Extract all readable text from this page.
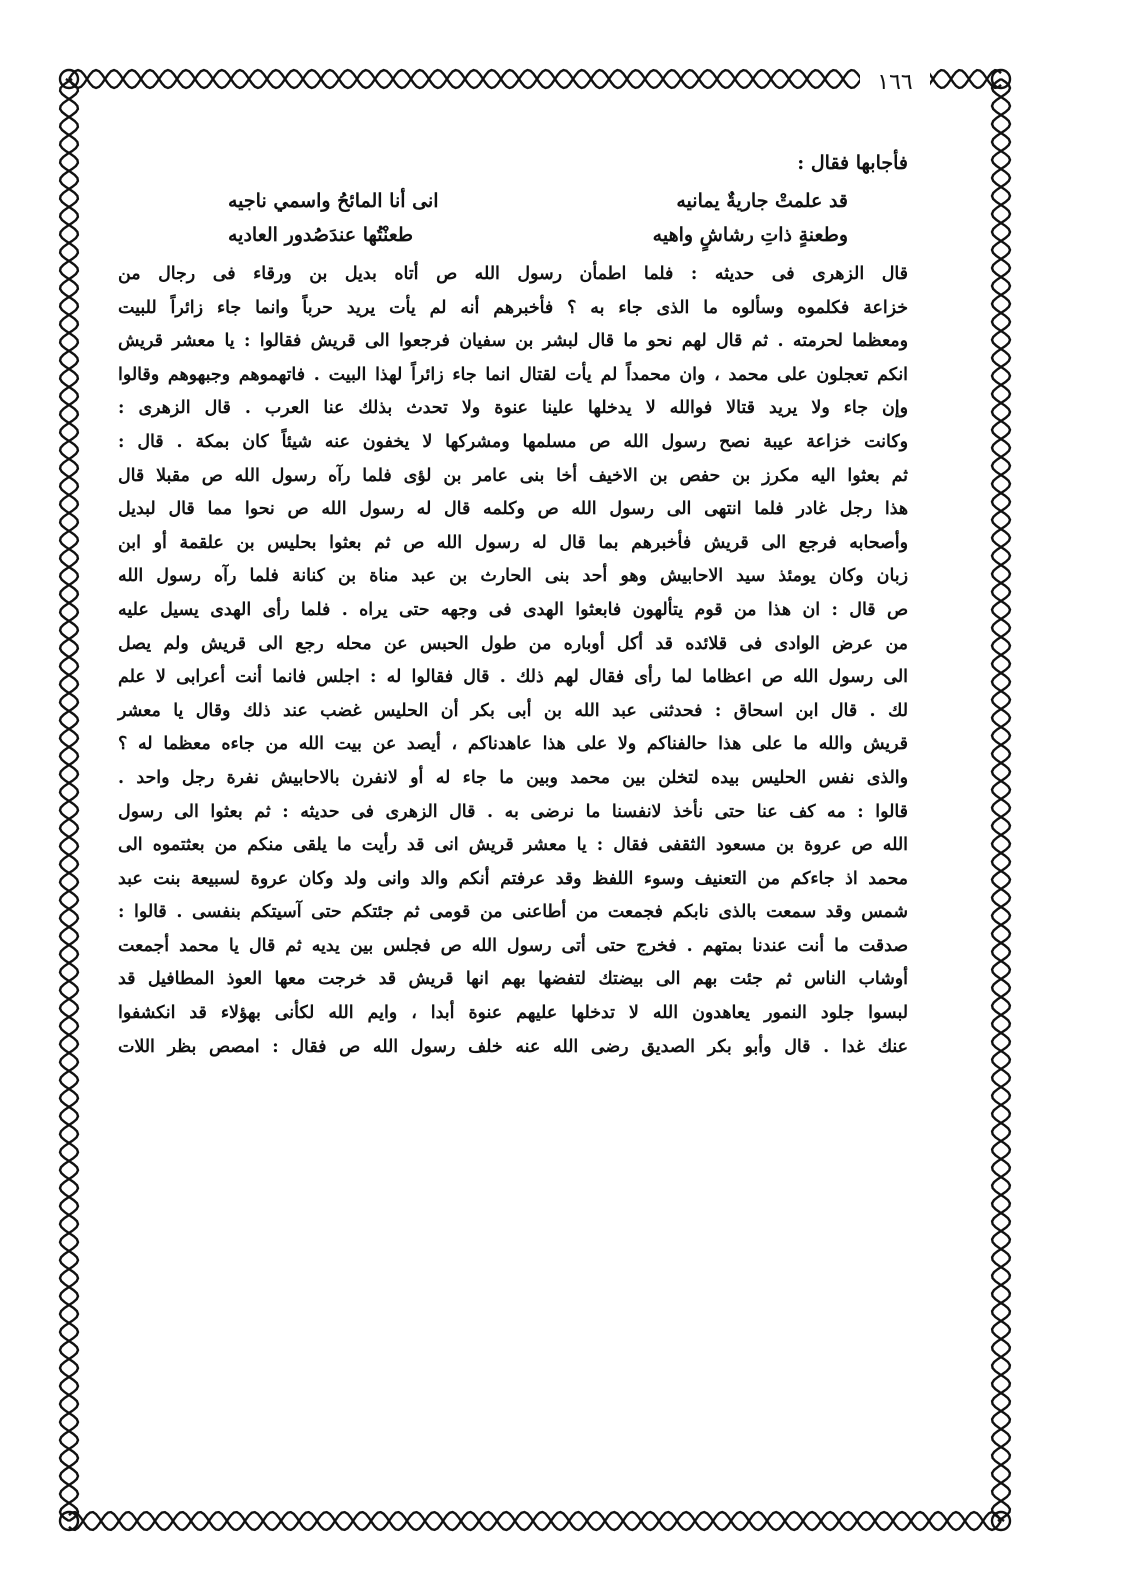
١٦٦
فأجابها فقال :
قد علمتْ جاريةٌ يمانيه
انى أنا المائحُ واسمي ناجيه
وطعنةٍ ذاتِ رشاشٍ واهيه
طعنْتُها عندَصُدور العاديه

قال الزهرى فى حديثه : فلما اطمأن رسول الله ص أتاه بديل بن ورقاء فى رجال من

خزاعة فكلموه وسألوه ما الذى جاء به ؟ فأخبرهم أنه لم يأت يريد حرباً وانما جاء زائراً للبيت

ومعظما لحرمته . ثم قال لهم نحو ما قال لبشر بن سفيان فرجعوا الى قريش فقالوا : يا معشر قريش

انكم تعجلون على محمد ، وان محمداً لم يأت لقتال انما جاء زائراً لهذا البيت . فاتهموهم وجبهوهم وقالوا

وإن جاء ولا يريد قتالا فوالله لا يدخلها علينا عنوة ولا تحدث بذلك عنا العرب . قال الزهرى :

وكانت خزاعة عيبة نصح رسول الله ص مسلمها ومشركها لا يخفون عنه شيئاً كان بمكة . قال :

ثم بعثوا اليه مكرز بن حفص بن الاخيف أخا بنى عامر بن لؤى فلما رآه رسول الله ص مقبلا قال

هذا رجل غادر فلما انتهى الى رسول الله ص وكلمه قال له رسول الله ص نحوا مما قال لبديل

وأصحابه فرجع الى قريش فأخبرهم بما قال له رسول الله ص ثم بعثوا بحليس بن علقمة أو ابن

زبان وكان يومئذ سيد الاحابيش وهو أحد بنى الحارث بن عبد مناة بن كنانة فلما رآه رسول الله

ص قال : ان هذا من قوم يتألهون فابعثوا الهدى فى وجهه حتى يراه . فلما رأى الهدى يسيل عليه

من عرض الوادى فى قلائده قد أكل أوباره من طول الحبس عن محله رجع الى قريش ولم يصل

الى رسول الله ص اعظاما لما رأى فقال لهم ذلك . قال فقالوا له : اجلس فانما أنت أعرابى لا علم

لك . قال ابن اسحاق : فحدثنى عبد الله بن أبى بكر أن الحليس غضب عند ذلك وقال يا معشر

قريش والله ما على هذا حالفناكم ولا على هذا عاهدناكم ، أيصد عن بيت الله من جاءه معظما له ؟

والذى نفس الحليس بيده لتخلن بين محمد وبين ما جاء له أو لانفرن بالاحابيش نفرة رجل واحد .

قالوا : مه كف عنا حتى نأخذ لانفسنا ما نرضى به . قال الزهرى فى حديثه : ثم بعثوا الى رسول

الله ص عروة بن مسعود الثقفى فقال : يا معشر قريش انى قد رأيت ما يلقى منكم من بعثتموه الى

محمد اذ جاءكم من التعنيف وسوء اللفظ وقد عرفتم أنكم والد وانى ولد وكان عروة لسبيعة بنت عبد

شمس وقد سمعت بالذى نابكم فجمعت من أطاعنى من قومى ثم جئتكم حتى آسيتكم بنفسى . قالوا :

صدقت ما أنت عندنا بمتهم . فخرج حتى أتى رسول الله ص فجلس بين يديه ثم قال يا محمد أجمعت

أوشاب الناس ثم جئت بهم الى بيضتك لتفضها بهم انها قريش قد خرجت معها العوذ المطافيل قد

لبسوا جلود النمور يعاهدون الله لا تدخلها عليهم عنوة أبدا ، وايم الله لكأنى بهؤلاء قد انكشفوا

عنك غدا . قال وأبو بكر الصديق رضى الله عنه خلف رسول الله ص فقال : امصص بظر اللات
